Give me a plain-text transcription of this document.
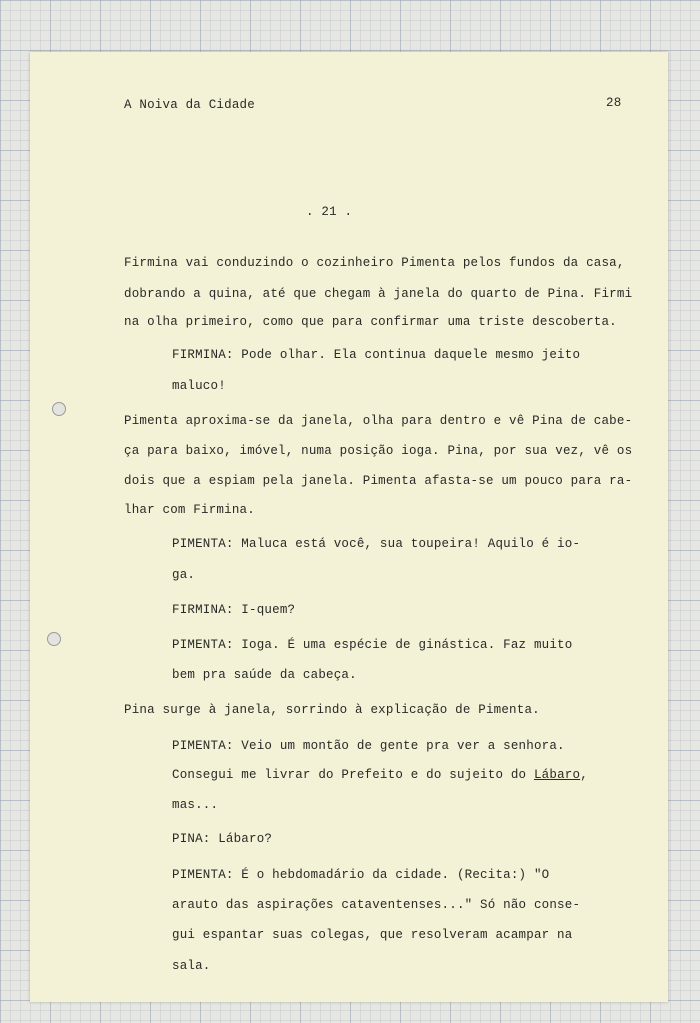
A Noiva da Cidade	28
. 21 .
Firmina vai conduzindo o cozinheiro Pimenta pelos fundos da casa,
dobrando a quina, até que chegam à janela do quarto de Pina. Firmi
na olha primeiro, como que para confirmar uma triste descoberta.
FIRMINA: Pode olhar. Ela continua daquele mesmo jeito
maluco!
Pimenta aproxima-se da janela, olha para dentro e vê Pina de cabe-
ça para baixo, imóvel, numa posição ioga. Pina, por sua vez, vê os
dois que a espiam pela janela. Pimenta afasta-se um pouco para ra-
lhar com Firmina.
PIMENTA: Maluca está você, sua toupeira! Aquilo é io-
ga.
FIRMINA: I-quem?
PIMENTA: Ioga. É uma espécie de ginástica. Faz muito
bem pra saúde da cabeça.
Pina surge à janela, sorrindo à explicação de Pimenta.
PIMENTA: Veio um montão de gente pra ver a senhora.
Consegui me livrar do Prefeito e do sujeito do Lábaro,
mas...
PINA: Lábaro?
PIMENTA: É o hebdomadário da cidade. (Recita:) "O
arauto das aspirações cataventenses..." Só não conse-
gui espantar suas colegas, que resolveram acampar na
sala.
